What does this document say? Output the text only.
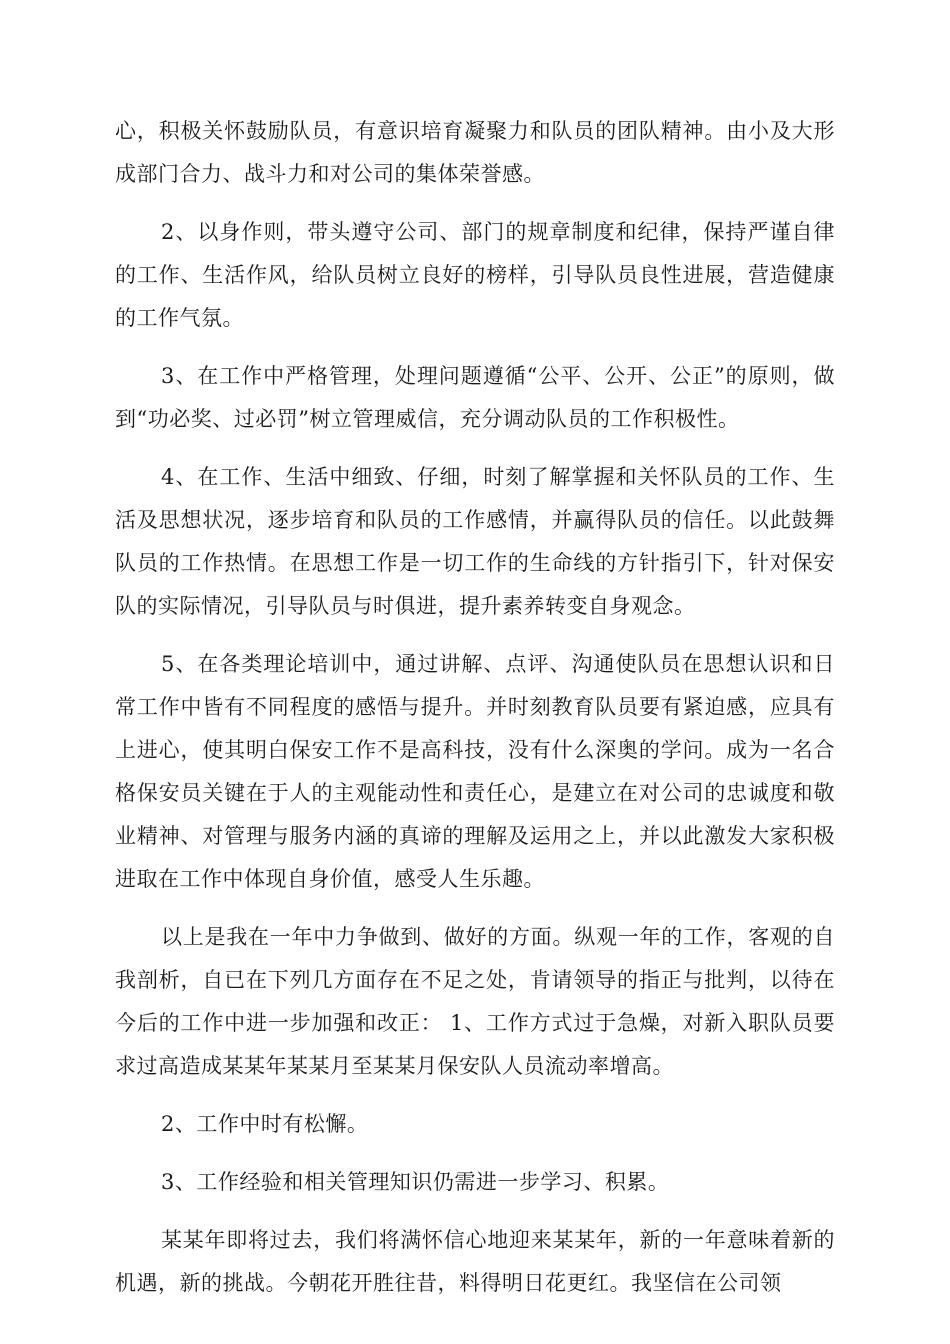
心，积极关怀鼓励队员，有意识培育凝聚力和队员的团队精神。由小及大形成部门合力、战斗力和对公司的集体荣誉感。

2、以身作则，带头遵守公司、部门的规章制度和纪律，保持严谨自律的工作、生活作风，给队员树立良好的榜样，引导队员良性进展，营造健康的工作气氛。

3、在工作中严格管理，处理问题遵循“公平、公开、公正”的原则，做到“功必奖、过必罚”树立管理威信，充分调动队员的工作积极性。

4、在工作、生活中细致、仔细，时刻了解掌握和关怀队员的工作、生活及思想状况，逐步培育和队员的工作感情，并赢得队员的信任。以此鼓舞队员的工作热情。在思想工作是一切工作的生命线的方针指引下，针对保安队的实际情况，引导队员与时俱进，提升素养转变自身观念。

5、在各类理论培训中，通过讲解、点评、沟通使队员在思想认识和日常工作中皆有不同程度的感悟与提升。并时刻教育队员要有紧迫感，应具有上进心，使其明白保安工作不是高科技，没有什么深奥的学问。成为一名合格保安员关键在于人的主观能动性和责任心，是建立在对公司的忠诚度和敬业精神、对管理与服务内涵的真谛的理解及运用之上，并以此激发大家积极进取在工作中体现自身价值，感受人生乐趣。

以上是我在一年中力争做到、做好的方面。纵观一年的工作，客观的自我剖析，自已在下列几方面存在不足之处，肯请领导的指正与批判，以待在今后的工作中进一步加强和改正： 1、工作方式过于急燥，对新入职队员要求过高造成某某年某某月至某某月保安队人员流动率增高。

2、工作中时有松懈。

3、工作经验和相关管理知识仍需进一步学习、积累。

某某年即将过去，我们将满怀信心地迎来某某年，新的一年意味着新的机遇，新的挑战。今朝花开胜往昔，料得明日花更红。我坚信在公司领
